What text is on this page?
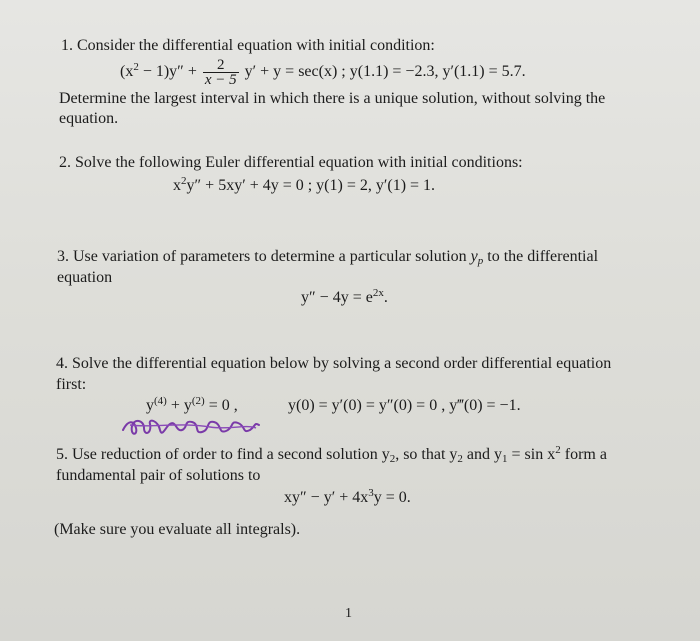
1. Consider the differential equation with initial condition:
$(x^2 - 1)y'' + \frac{2}{x - 5} y' + y = \sec(x)$ ; y(1.1) = −2.3, y′(1.1) = 5.7.
Determine the largest interval in which there is a unique solution, without solving the
equation.
2. Solve the following Euler differential equation with initial conditions:
$x^2y'' + 5xy' + 4y = 0$ ; y(1) = 2, y′(1) = 1.
3. Use variation of parameters to determine a particular solution $y_p$ to the differential
equation
$y'' - 4y = e^{2x}$.
4. Solve the differential equation below by solving a second order differential equation
first:
$y^{(4)} + y^{(2)} = 0$ ,	y(0) = y′(0) = y″(0) = 0 , y‴(0) = −1.
5. Use reduction of order to find a second solution $y_2$, so that $y_2$ and $y_1 = \sin x^2$ form a
fundamental pair of solutions to
$xy'' - y' + 4x^3y = 0$.
(Make sure you evaluate all integrals).
1
